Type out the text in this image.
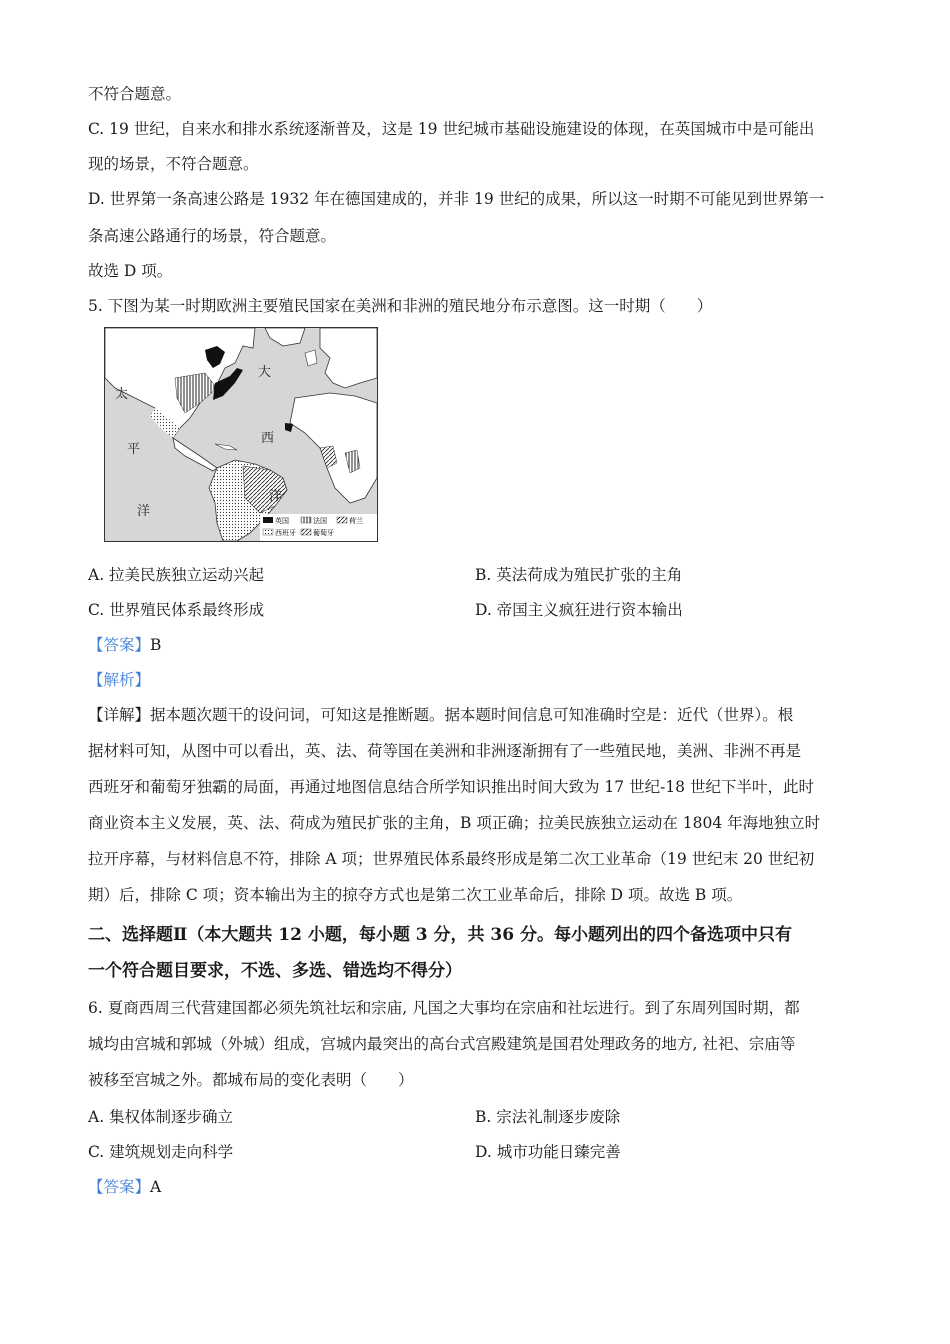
不符合题意。
C. 19 世纪，自来水和排水系统逐渐普及，这是 19 世纪城市基础设施建设的体现，在英国城市中是可能出
现的场景，不符合题意。
D. 世界第一条高速公路是 1932 年在德国建成的，并非 19 世纪的成果，所以这一时期不可能见到世界第一
条高速公路通行的场景，符合题意。
故选 D 项。
5. 下图为某一时期欧洲主要殖民国家在美洲和非洲的殖民地分布示意图。这一时期（　　）
太
平
洋
大
西
洋
英国	法国	荷兰
西班牙 葡萄牙
A. 拉美民族独立运动兴起	B. 英法荷成为殖民扩张的主角
C. 世界殖民体系最终形成	D. 帝国主义疯狂进行资本输出
【答案】B
【解析】
【详解】据本题次题干的设问词，可知这是推断题。据本题时间信息可知准确时空是：近代（世界）。根
据材料可知，从图中可以看出，英、法、荷等国在美洲和非洲逐渐拥有了一些殖民地，美洲、非洲不再是
西班牙和葡萄牙独霸的局面，再通过地图信息结合所学知识推出时间大致为 17 世纪-18 世纪下半叶，此时
商业资本主义发展，英、法、荷成为殖民扩张的主角，B 项正确；拉美民族独立运动在 1804 年海地独立时
拉开序幕，与材料信息不符，排除 A 项；世界殖民体系最终形成是第二次工业革命（19 世纪末 20 世纪初
期）后，排除 C 项；资本输出为主的掠夺方式也是第二次工业革命后，排除 D 项。故选 B 项。
二、选择题Ⅱ（本大题共 12 小题，每小题 3 分，共 36 分。每小题列出的四个备选项中只有
一个符合题目要求，不选、多选、错选均不得分）
6. 夏商西周三代营建国都必须先筑社坛和宗庙, 凡国之大事均在宗庙和社坛进行。到了东周列国时期，都
城均由宫城和郭城（外城）组成，宫城内最突出的高台式宫殿建筑是国君处理政务的地方, 社祀、宗庙等
被移至宫城之外。都城布局的变化表明（　　）
A. 集权体制逐步确立	B. 宗法礼制逐步废除
C. 建筑规划走向科学	D. 城市功能日臻完善
【答案】A
